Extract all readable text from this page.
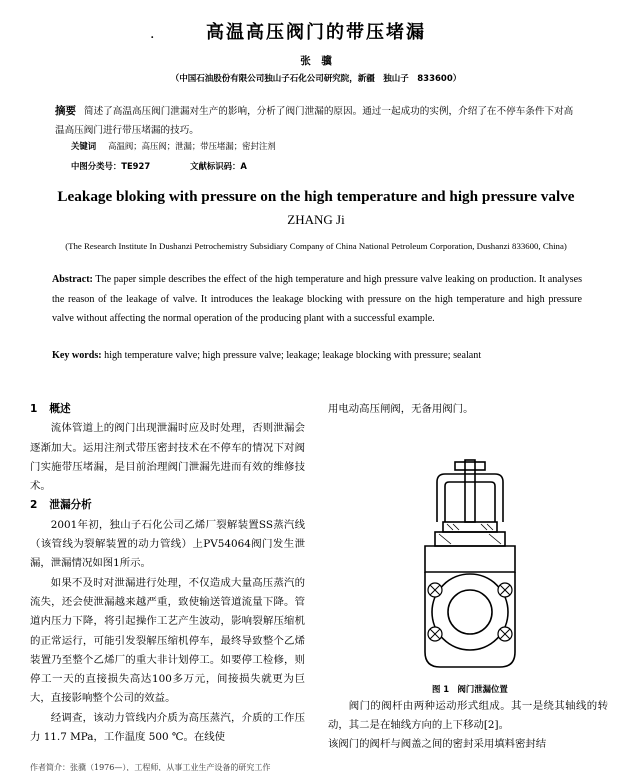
.	高温高压阀门的带压堵漏
张　骥
（中国石油股份有限公司独山子石化公司研究院，新疆　独山子　833600）
摘要 简述了高温高压阀门泄漏对生产的影响，分析了阀门泄漏的原因。通过一起成功的实例，介绍了在不停车条件下对高温高压阀门进行带压堵漏的技巧。
关键词 高温阀；高压阀；泄漏；带压堵漏；密封注剂
中图分类号：TE927	文献标识码：A
Leakage bloking with pressure on the high temperature and high pressure valve
ZHANG Ji
(The Research Institute In Dushanzi Petrochemistry Subsidiary Company of China National Petroleum Corporation, Dushanzi 833600, China)
Abstract: The paper simple describes the effect of the high temperature and high pressure valve leaking on production. It analyses the reason of the leakage of valve. It introduces the leakage blocking with pressure on the high temperature and high pressure valve without affecting the normal operation of the producing plant with a successful example.
Key words: high temperature valve; high pressure valve; leakage; leakage blocking with pressure; sealant
1 概述

流体管道上的阀门出现泄漏时应及时处理，否则泄漏会逐渐加大。运用注剂式带压密封技术在不停车的情况下对阀门实施带压堵漏，是目前治理阀门泄漏先进而有效的维修技术。

2 泄漏分析

2001年初，独山子石化公司乙烯厂裂解装置SS蒸汽线（该管线为裂解装置的动力管线）上PV54064阀门发生泄漏，泄漏情况如图1所示。

如果不及时对泄漏进行处理，不仅造成大量高压蒸汽的流失，还会使泄漏越来越严重，致使输送管道流量下降。管道内压力下降，将引起操作工艺产生波动，影响裂解压缩机的正常运行，可能引发裂解压缩机停车，最终导致整个乙烯装置乃至整个乙烯厂的重大非计划停工。如要停工检修，则停工一天的直接损失高达100多万元，间接损失就更为巨大，直接影响整个公司的效益。

经调查，该动力管线内介质为高压蒸汽，介质的工作压力 11.7 MPa，工作温度 500 ℃。在线使

用电动高压闸阀，无备用阀门。
图 1　阀门泄漏位置

阀门的阀杆由两种运动形式组成。其一是绕其轴线的转动，其二是在轴线方向的上下移动[2]。

该阀门的阀杆与阀盖之间的密封采用填料密封结

作者简介：张骥（1976—），工程师，从事工业生产设备的研究工作
